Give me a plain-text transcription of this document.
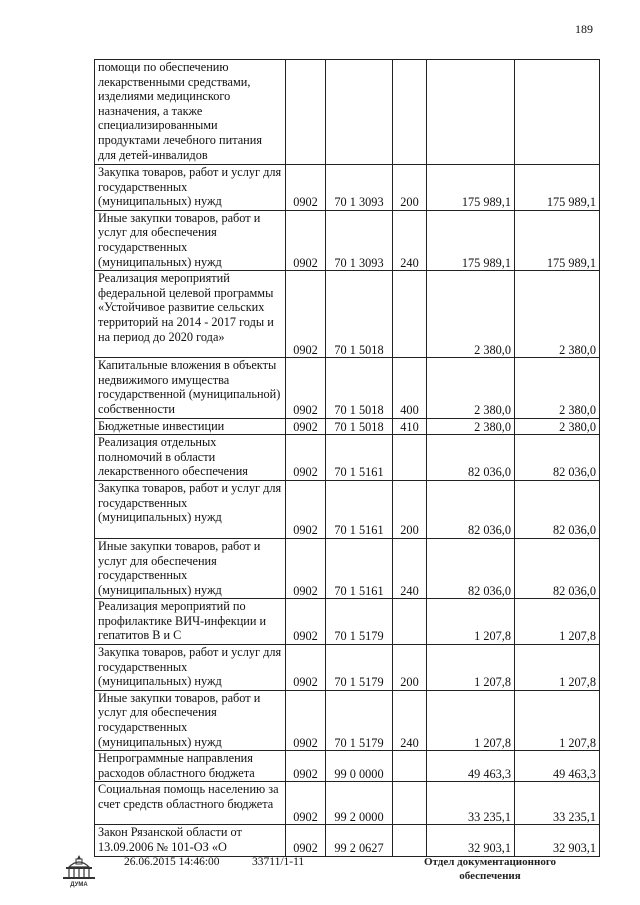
189
помощи по обеспечению лекарственными средствами, изделиями медицинского назначения, а также специализированными продуктами лечебного питания для детей-инвалидов					
Закупка товаров, работ и услуг для государственных (муниципальных) нужд	0902	70 1 3093	200	175 989,1	175 989,1
Иные закупки товаров, работ и услуг для обеспечения государственных (муниципальных) нужд	0902	70 1 3093	240	175 989,1	175 989,1
Реализация мероприятий федеральной целевой программы «Устойчивое развитие сельских территорий на 2014 - 2017 годы и на период до 2020 года»	0902	70 1 5018		2 380,0	2 380,0
Капитальные вложения в объекты недвижимого имущества государственной (муниципальной) собственности	0902	70 1 5018	400	2 380,0	2 380,0
Бюджетные инвестиции	0902	70 1 5018	410	2 380,0	2 380,0
Реализация отдельных полномочий в области лекарственного обеспечения	0902	70 1 5161		82 036,0	82 036,0
Закупка товаров, работ и услуг для государственных (муниципальных) нужд	0902	70 1 5161	200	82 036,0	82 036,0
Иные закупки товаров, работ и услуг для обеспечения государственных (муниципальных) нужд	0902	70 1 5161	240	82 036,0	82 036,0
Реализация мероприятий по профилактике ВИЧ-инфекции и гепатитов В и С	0902	70 1 5179		1 207,8	1 207,8
Закупка товаров, работ и услуг для государственных (муниципальных) нужд	0902	70 1 5179	200	1 207,8	1 207,8
Иные закупки товаров, работ и услуг для обеспечения государственных (муниципальных) нужд	0902	70 1 5179	240	1 207,8	1 207,8
Непрограммные направления расходов областного бюджета	0902	99 0 0000		49 463,3	49 463,3
Социальная помощь населению за счет средств областного бюджета	0902	99 2 0000		33 235,1	33 235,1
Закон Рязанской области от 13.09.2006 № 101-ОЗ «О	0902	99 2 0627		32 903,1	32 903,1
ДУМА
26.06.2015 14:46:00	33711/1-11	Отдел документационного
обеспечения
